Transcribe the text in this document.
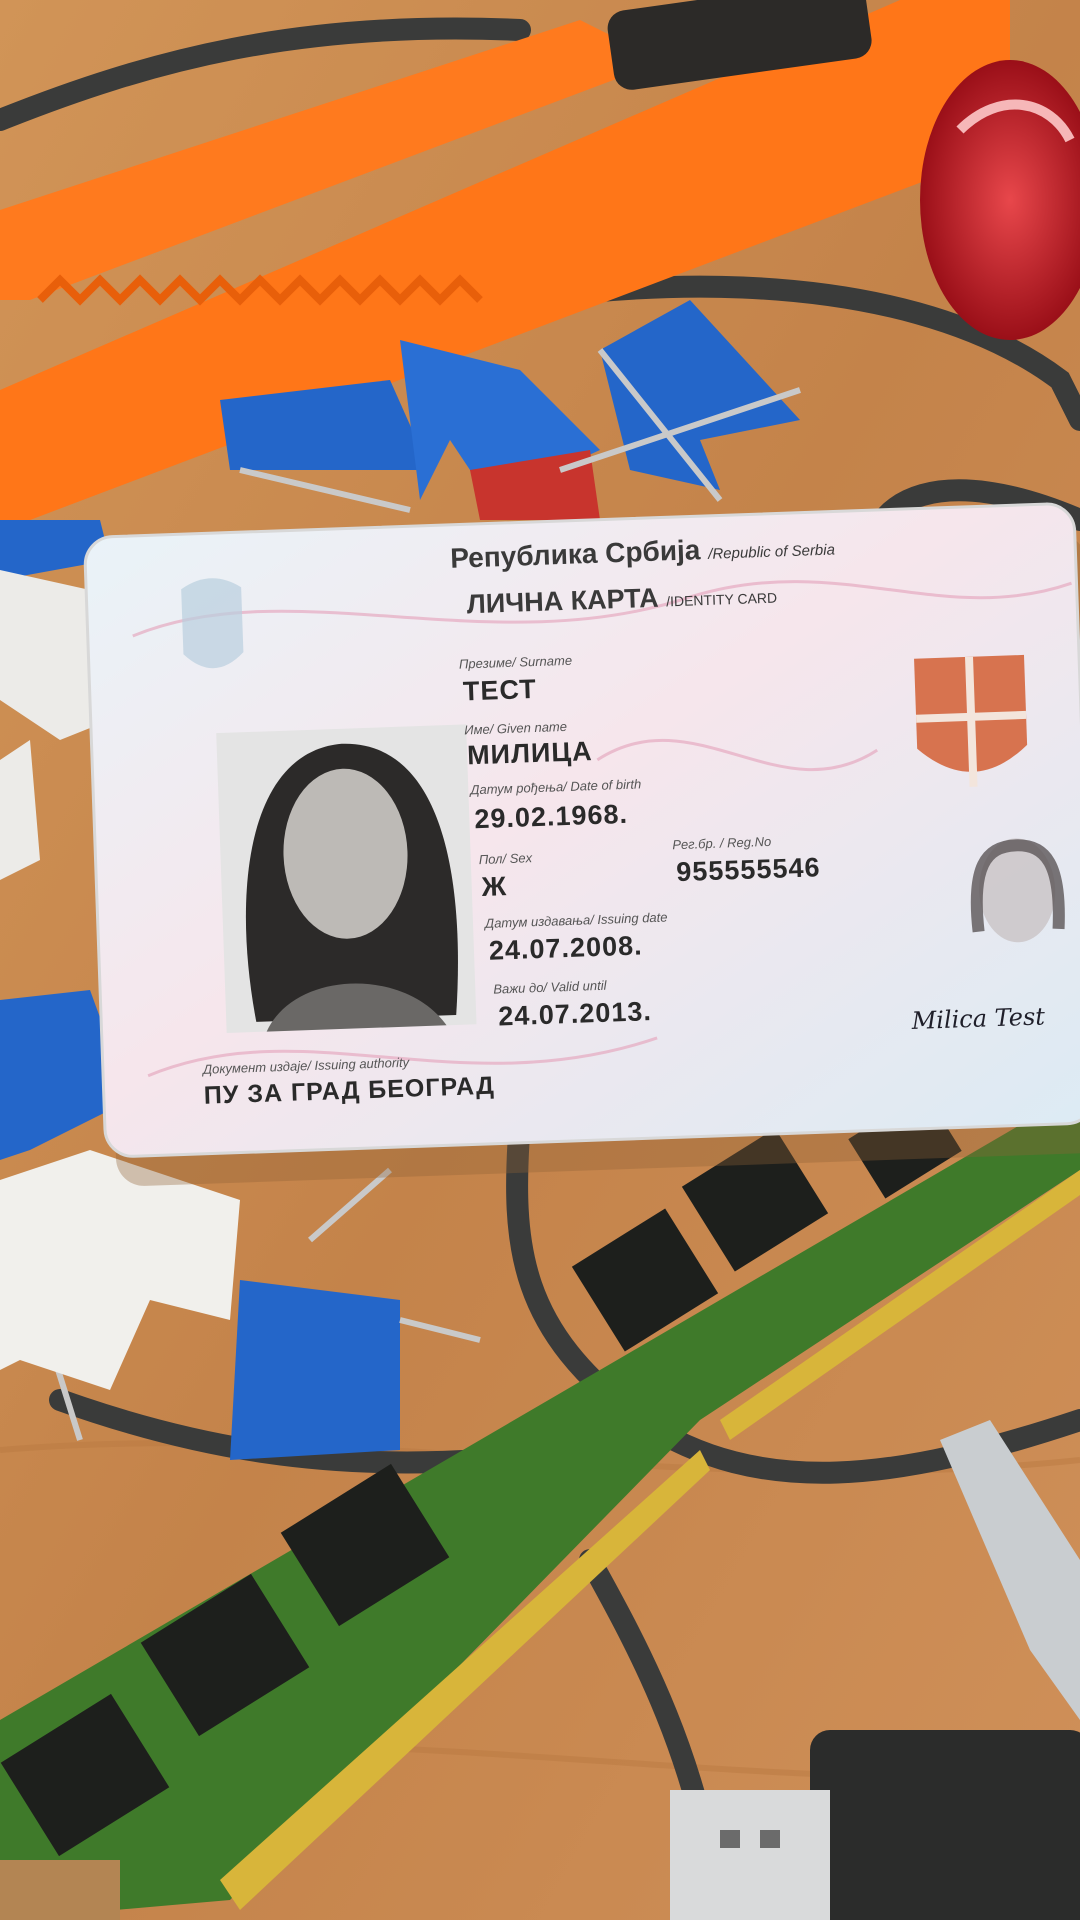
Република Србија /Republic of Serbia
ЛИЧНА КАРТА /IDENTITY CARD
Презиме/ Surname
ТЕСТ
Име/ Given name
МИЛИЦА
Датум рођења/ Date of birth
29.02.1968.
Пол/ Sex
Ж
Рег.бр. / Reg.No
955555546
Датум издавања/ Issuing date
24.07.2008.
Важи до/ Valid until
24.07.2013.
Документ издаје/ Issuing authority
ПУ ЗА ГРАД БЕОГРАД
Milica Test
